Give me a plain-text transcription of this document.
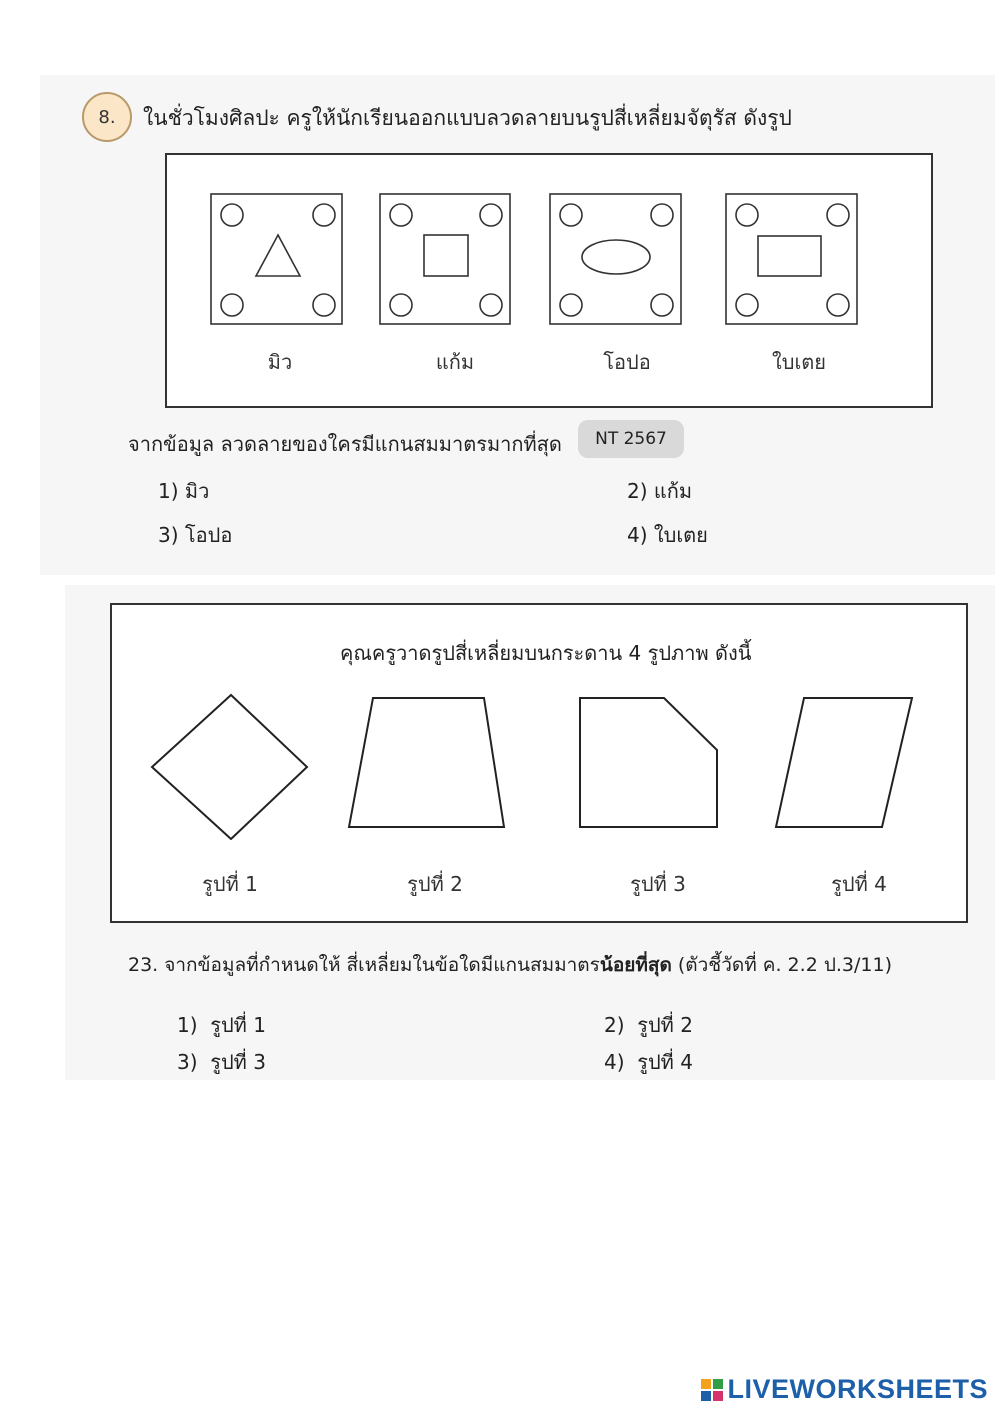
8. ในชั่วโมงศิลปะ ครูให้นักเรียนออกแบบลวดลายบนรูปสี่เหลี่ยมจัตุรัส ดังรูป
มิว	แก้ม	โอปอ	ใบเตย
จากข้อมูล ลวดลายของใครมีแกนสมมาตรมากที่สุด NT 2567
1) มิว	2) แก้ม
3) โอปอ	4) ใบเตย
คุณครูวาดรูปสี่เหลี่ยมบนกระดาน 4 รูปภาพ ดังนี้
รูปที่ 1	รูปที่ 2	รูปที่ 3	รูปที่ 4
23. จากข้อมูลที่กำหนดให้ สี่เหลี่ยมในข้อใดมีแกนสมมาตรน้อยที่สุด (ตัวชี้วัดที่ ค. 2.2 ป.3/11)
1)  รูปที่ 1	2)  รูปที่ 2
3)  รูปที่ 3	4)  รูปที่ 4
LIVEWORKSHEETS
